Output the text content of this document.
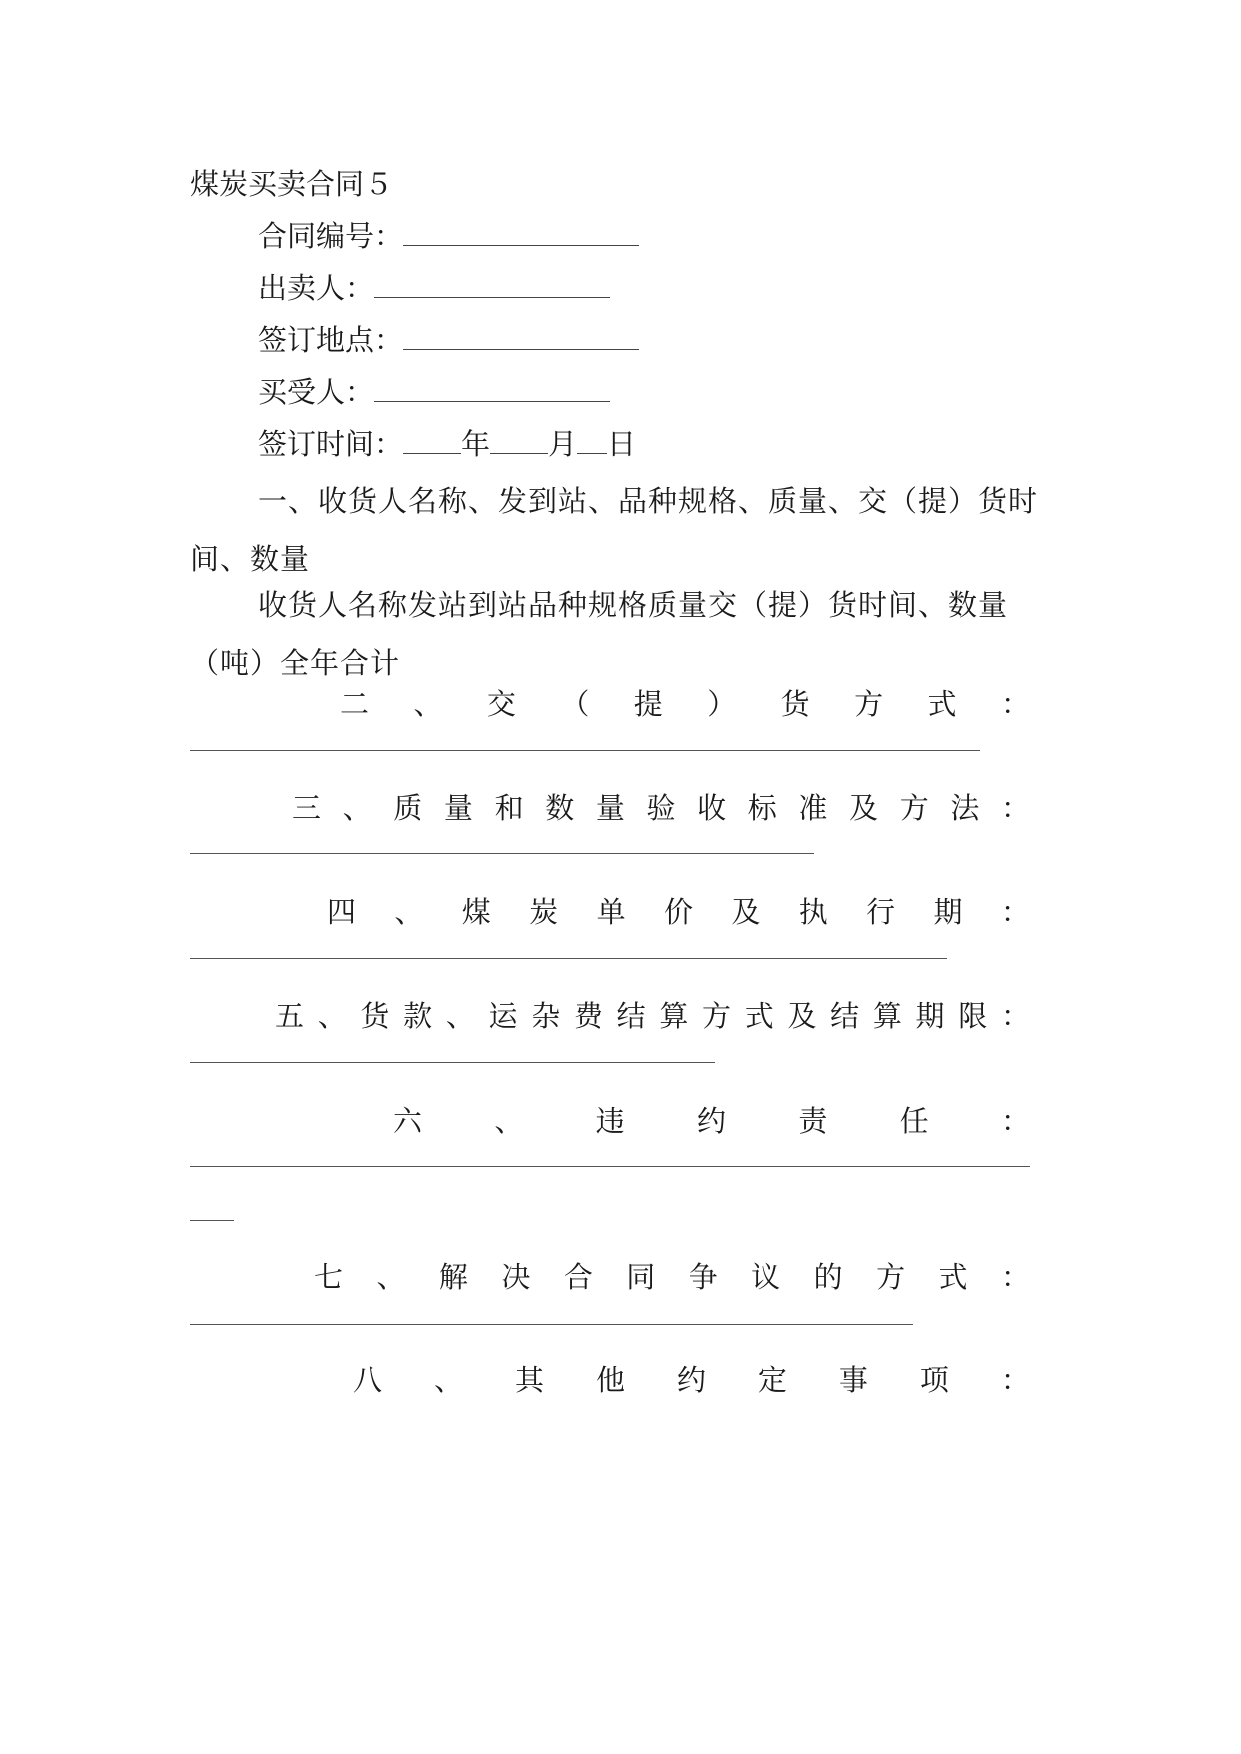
煤炭买卖合同５
合同编号：
出卖人：
签订地点：
买受人：
签订时间： 年 月 日
一、收货人名称、发到站、品种规格、质量、交（提）货时间、数量
收货人名称发站到站品种规格质量交（提）货时间、数量（吨）全年合计
二 、 交 （ 提 ） 货 方 式 ：
三 、 质 量 和 数 量 验 收 标 准 及 方 法 ：
四 、 煤 炭 单 价 及 执 行 期 ：
五 、 货 款 、 运 杂 费 结 算 方 式 及 结 算 期 限 ：
六 、 违 约 责 任 ：
七 、 解 决 合 同 争 议 的 方 式 ：
八 、 其 他 约 定 事 项 ：
